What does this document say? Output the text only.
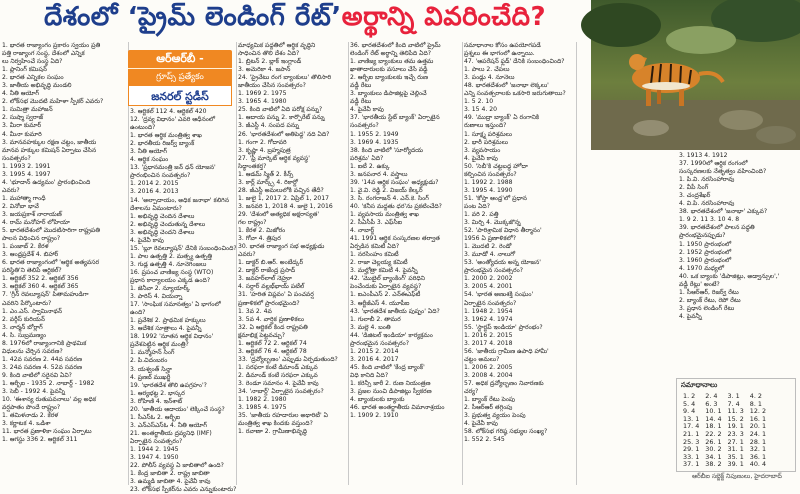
దేశంలో ‘ప్రైమ్ లెండింగ్ రేట్’ అర్థాన్ని వివరించేది?
1. భారత రాజ్యాంగం ప్రకారం స్వయం ప్రతి
పత్తి రాజ్యాంగ సంస్థ, దేశంలో ఎన్నిక
లు నిర్వహించే సంస్థ ఏది?
1. ప్లానింగ్ కమిషన్
2. భారత ఎన్నికల సంఘం
3. జాతీయ అభివృద్ధి మండలి
4. నీతి ఆయోగ్
2. లోక్‌సభ మొదటి మహిళా స్పీకర్ ఎవరు?
1. సుమిత్రా మహాజన్
2. సుష్మా స్వరాజ్
3. మీరా కుమార్
4. మీనా కుమారి
3. మానవహక్కుల రక్షణ చట్టం, జాతీయ
మానవ హక్కుల కమిషన్ ఏర్పాటు చేసిన
సంవత్సరం?
1. 1993 2. 1991
3. 1995 4. 1997
4. 'భూదాన్ ఉద్యమం' ప్రారంభించింది
ఎవరు?
1. మహాత్మా గాంధీ
2. వినోబా భావే
3. జయప్రకాశ్ నారాయణ్
4. రామ్ మనోహర్ లోహియా
5. భారతదేశంలో మొదటిసారిగా రాష్ట్రపతి
పాలన విధించిన రాష్ట్రం?
1. పంజాబ్ 2. కేరళ
3. ఆంధ్రప్రదేశ్ 4. బిహార్
6. భారత రాజ్యాంగంలో 'ఆర్థిక అత్యవసర
పరిస్థితి'ని తెలిపే ఆర్టికల్?
1. ఆర్టికల్ 352 2. ఆర్టికల్ 356
3. ఆర్టికల్ 360 4. ఆర్టికల్ 365
7. 'గ్రీన్ రెవల్యూషన్' పితామహుడిగా
ఎవరిని పేర్కొంటారు?
1. ఎం.ఎస్. స్వామినాథన్
2. వర్గీస్ కురియన్
3. నార్మన్ బోర్లాగ్
4. సి. సుబ్రమణ్యం
8. 1976లో రాజ్యాంగానికి ప్రాథమిక
విధులను చేర్చిన సవరణ?
1. 42వ సవరణ 2. 44వ సవరణ
3. 24వ సవరణ 4. 52వ సవరణ
9. కింది వాటిలో సరైనవి ఏవి?
1. ఆర్బీఐ - 1935 2. నాబార్డ్ - 1982
3. సెబీ - 1992 4. పైవన్నీ
10. 'ఈశాన్య రుతుపవనాలు' వల్ల అధిక
వర్షపాతం పొందే రాష్ట్రం?
1. తమిళనాడు 2. కేరళ
3. కర్ణాటక 4. ఒడిశా
11. భారత ప్రణాళికా సంఘం ఏర్పాటు
1. ఆగస్టు 336 2. ఆర్టికల్ 311
3. ఆర్టికల్ 112 4. ఆర్టికల్ 420
12. 'ద్రవ్య విధానం' ఎవరి ఆధీనంలో
ఉంటుంది?
1. భారత ఆర్థిక మంత్రిత్వ శాఖ
2. భారతీయ రిజర్వ్ బ్యాంక్
3. నీతి ఆయోగ్
4. ఆర్థిక సంఘం
13. 'ప్రధానమంత్రి జన్ ధన్ యోజన'
ప్రారంభించిన సంవత్సరం?
1. 2014 2. 2015
3. 2016 4. 2013
14. 'అల్పాదాయం, అధిక జనాభా' కలిగిన
దేశాలను ఏమంటారు?
1. అభివృద్ధి చెందిన దేశాలు
2. అభివృద్ధి చెందుతున్న దేశాలు
3. అభివృద్ధి చెందని దేశాలు
4. పైవేవీ కావు
15. 'బ్లూ రెవల్యూషన్' దేనికి సంబంధించింది?
1. పాల ఉత్పత్తి 2. మత్స్య ఉత్పత్తి
3. గుడ్ల ఉత్పత్తి 4. నూనెగింజలు
16. ప్రపంచ వాణిజ్య సంస్థ (WTO)
ప్రధాన కార్యాలయం ఎక్కడ ఉంది?
1. జెనీవా 2. న్యూయార్క్
3. పారిస్ 4. వియన్నా
17. 'సాంఘిక సమానత్వం' ఏ భాగంలో
ఉంది?
1. ప్రవేశిక 2. ప్రాథమిక హక్కులు
3. ఆదేశిక సూత్రాలు 4. పైవన్నీ
18. 1992 'నూతన ఆర్థిక విధానం'
ప్రవేశపెట్టిన ఆర్థిక మంత్రి?
1. మన్మోహన్ సింగ్
2. పి.చిదంబరం
3. యశ్వంత్ సిన్హా
4. ప్రణబ్ ముఖర్జీ
19. 'భారతదేశ తొలి ఉపగ్రహం'?
1. ఆర్యభట్ట 2. భాస్కర
3. రోహిణి 4. ఇన్‌శాట్
20. 'జాతీయ ఆదాయం' లెక్కించే సంస్థ?
1. సీఎస్ఓ 2. ఆర్బీఐ
3. ఎన్ఎస్ఎస్ఓ 4. నీతి ఆయోగ్
21. అంతర్జాతీయ ద్రవ్యనిధి (IMF)
ఏర్పాటైన సంవత్సరం?
1. 1944 2. 1945
3. 1947 4. 1950
22. పోలీస్ వ్యవస్థ ఏ జాబితాలో ఉంది?
1. కేంద్ర జాబితా 2. రాష్ట్ర జాబితా
3. ఉమ్మడి జాబితా 4. పైవేవీ కావు
23. లోక్‌సభ స్పీకర్‌ను ఎవరు ఎన్నుకుంటారు?
మాధ్యమిక పద్దతిలో ఆర్థిక వృద్ధిని
సాధించిన తొలి దేశం ఏది?
1. బ్రిటన్ 2. బ్లాక్ ఇంగ్లాండ్
3. అమెరికా 4. జపాన్
24. 'ప్రైవేటు రంగ బ్యాంకులు' తొలిసారి
జాతీయం చేసిన సంవత్సరం?
1. 1969 2. 1975
3. 1965 4. 1980
25. కింది వాటిలో ఏది పరోక్ష పన్ను?
1. ఆదాయ పన్ను 2. కార్పొరేట్ పన్ను
3. జీఎస్టీ 4. సంపద పన్ను
26. 'భారతదేశంలో అతిపెద్ద' నది ఏది?
1. గంగా 2. గోదావరి
3. కృష్ణా 4. బ్రహ్మపుత్ర
27. 'ఫ్రీ మార్కెట్ ఆర్థిక వ్యవస్థ'
సిద్ధాంతకర్త?
1. ఆడమ్ స్మిత్ 2. కీన్స్
3. కార్ల్ మార్క్స్ 4. రికార్డో
28. జీఎస్టీ అమలులోకి వచ్చిన తేదీ?
1. జులై 1, 2017 2. ఏప్రిల్ 1, 2017
3. జనవరి 1, 2018 4. జులై 1, 2016
29. 'దేశంలో అత్యధిక అక్షరాస్యత'
గల రాష్ట్రం?
1. కేరళ 2. మిజోరం
3. గోవా 4. త్రిపుర
30. భారత రాజ్యాంగ సభ అధ్యక్షుడు
ఎవరు?
1. డాక్టర్ బి.ఆర్. అంబేద్కర్
2. డాక్టర్ రాజేంద్ర ప్రసాద్
3. జవహర్‌లాల్ నెహ్రూ
4. సర్దార్ వల్లభ్‌భాయ్ పటేల్
31. 'హరిత విప్లవం' ఏ పంచవర్ష
ప్రణాళికలో ప్రారంభమైంది?
1. 3వ 2. 4వ
3. 5వ 4. వార్షిక ప్రణాళికలు
32. ఏ ఆర్టికల్ కింద రాష్ట్రపతి
క్షమాభిక్ష పెట్టవచ్చు?
1. ఆర్టికల్ 72 2. ఆర్టికల్ 74
3. ఆర్టికల్ 76 4. ఆర్టికల్ 78
33. 'ద్రవ్యోల్బణం' ఎప్పుడు ఏర్పడుతుంది?
1. సరఫరా కంటే డిమాండ్ ఎక్కువ
2. డిమాండ్ కంటే సరఫరా ఎక్కువ
3. రెండూ సమానం 4. పైవేవీ కావు
34. 'నాబార్డ్' ఏర్పాటైన సంవత్సరం?
1. 1982 2. 1980
3. 1985 4. 1975
35. 'జాతీయ రహదారుల అథారిటీ' ఏ
మంత్రిత్వ శాఖ కిందకు వస్తుంది?
1. రవాణా 2. గ్రామీణాభివృద్ధి
36. భారతదేశంలో కింది వాటిలో ప్రైమ్
లెండింగ్ రేట్ అర్థాన్ని తెలిపేది ఏది?
1. వాణిజ్య బ్యాంకులు తమ ఉత్తమ
ఖాతాదారులకు వసూలు చేసే వడ్డీ
2. ఆర్బీఐ బ్యాంకులకు ఇచ్చే రుణ
వడ్డీ రేటు
3. బ్యాంకులు డిపాజిట్లపై చెల్లించే
వడ్డీ రేటు
4. పైవేవీ కావు
37. 'భారతీయ స్టేట్ బ్యాంక్' ఏర్పాటైన
సంవత్సరం?
1. 1955 2. 1949
3. 1969 4. 1935
38. కింది వాటిలో 'సూర్యోదయ
పరిశ్రమ' ఏది?
1. ఐటీ 2. ఉక్కు
3. జనపనార 4. వస్త్రాలు
39. '14వ ఆర్థిక సంఘం' అధ్యక్షుడు?
1. వై.వి. రెడ్డి 2. విజయ్ కేల్కర్
3. సి. రంగరాజన్ 4. ఎన్.కె. సింగ్
40. 'కనీస మద్దతు ధర'ను ప్రకటించేది?
1. వ్యవసాయ మంత్రిత్వ శాఖ
2. సీఏసీపీ 3. ఎఫ్‌సీఐ
4. నాబార్డ్
41. 1991 ఆర్థిక సంస్కరణల తర్వాత
ఏర్పడిన కమిటీ ఏది?
1. నరసింహం కమిటీ
2. రాజా చెల్లయ్య కమిటీ
3. మల్హోత్రా కమిటీ 4. పైవన్నీ
42. 'మొబైల్ బ్యాంకింగ్' పరిధిని
పెంచేందుకు ఏర్పాటైన వ్యవస్థ?
1. ఐఎంపీఎస్ 2. ఎన్‌ఈఎఫ్‌టీ
3. ఆర్టీజీఎస్ 4. యూపీఐ
43. 'భారతదేశ జాతీయ పుష్పం' ఏది?
1. గులాబీ 2. తామర
3. మల్లె 4. బంతి
44. 'డిజిటల్ ఇండియా' కార్యక్రమం
ప్రారంభమైన సంవత్సరం?
1. 2015 2. 2014
3. 2016 4. 2017
45. కింది వాటిలో 'కేంద్ర బ్యాంక్'
విధి కానిది ఏది?
1. కరెన్సీ జారీ 2. రుణ నియంత్రణ
3. ప్రజల నుంచి డిపాజిట్లు స్వీకరణ
4. బ్యాంకులకు బ్యాంకు
46. భారత అంతర్జాతీయ విమానాశ్రయం
1. 1909 2. 1910
సమాధానాల కోసం ఉపయోగపడే
ప్రశ్నలు ఈ భాగంలో ఉన్నాయి.
47. 'ఆపరేషన్ ఫ్లడ్' దేనికి సంబంధించింది?
1. పాలు 2. చేపలు
3. పండ్లు 4. నూనెలు
48. భారతదేశంలో 'జనాభా లెక్కలు'
ఎన్ని సంవత్సరాలకు ఒకసారి జరుగుతాయి?
1. 5 2. 10
3. 15 4. 20
49. 'ముద్రా బ్యాంక్' ఏ రంగానికి
రుణాలు ఇస్తుంది?
1. సూక్ష్మ పరిశ్రమలు
2. భారీ పరిశ్రమలు
3. వ్యవసాయం
4. పైవేవీ కావు
50. 'సెబీ'కి చట్టబద్ధ హోదా
కల్పించిన సంవత్సరం?
1. 1992 2. 1988
3. 1995 4. 1990
51. 'కోస్తా ఆంధ్ర'లో ప్రధాన
పంట ఏది?
1. వరి 2. పత్తి
3. మిర్చి 4. మొక్కజొన్న
52. 'పారిశ్రామిక విధాన తీర్మానం'
1956 ఏ ప్రణాళికలో?
1. మొదటి 2. రెండో
3. మూడో 4. నాలుగో
53. 'అంత్యోదయ అన్న యోజన'
ప్రారంభమైన సంవత్సరం?
1. 2000 2. 2002
3. 2005 4. 2001
54. 'భారత అణుశక్తి సంఘం'
ఏర్పాటైన సంవత్సరం?
1. 1948 2. 1954
3. 1962 4. 1974
55. 'స్టార్టప్ ఇండియా' ప్రారంభం?
1. 2016 2. 2015
3. 2017 4. 2018
56. 'జాతీయ గ్రామీణ ఉపాధి హామీ'
చట్టం అమలు?
1. 2006 2. 2005
3. 2008 4. 2004
57. అధిక ద్రవ్యోల్బణం నివారణకు
చర్య?
1. బ్యాంక్ రేటు పెంపు
2. సీఆర్ఆర్ తగ్గింపు
3. ప్రభుత్వ వ్యయం పెంపు
4. పైవేవీ కావు
58. లోక్‌సభ గరిష్ఠ సభ్యుల సంఖ్య?
1. 552 2. 545
3. 1913 4. 1912
37. 1990లో ఆర్థిక రంగంలో
సంస్కరణలకు నేతృత్వం వహించింది?
1. పి.వి. నరసింహారావు
2. వీపీ సింగ్
3. చంద్రశేఖర్
4. వి.పి. నరసింహారావు
38. భారతదేశంలో 'జనాభా' ఎక్కువ?
1. 9 2. 11 3. 10 4. 8
39. భారతదేశంలో పాలన పద్ధతి
ప్రారంభమైనప్పుడు?
1. 1950 ప్రారంభంలో
2. 1952 ప్రారంభంలో
3. 1960 ప్రారంభంలో
4. 1970 మధ్యలో
40. ఒక బ్యాంకు 'డిపాజిట్లు, అడ్వాన్సుల','
వడ్డీ రేట్లు' అంటే?
1. సీఆర్ఆర్, రిజర్వ్ రేటు
2. బ్యాంక్ రేటు, రెపో రేటు
3. ప్రధాన లెండింగ్ రేటు
4. పైవన్నీ
ఆర్ఆర్‌బీ -
గ్రూప్స్ ప్రత్యేకం
జనరల్ స్టడీస్
సమాధానాలు
1. 2	2. 4	3. 1	4. 2
5. 4	6. 3	7. 4	8. 1
9. 4	10. 1	11. 3	12. 2
13. 1	14. 4	15. 2	16. 1
17. 4	18. 1	19. 1	20. 1
21. 1	22. 2	23. 3	24. 1
25. 3	26. 1	27. 1	28. 1
29. 1	30. 2	31. 1	32. 1
33. 1	34. 1	35. 1	36. 1
37. 1	38. 2	39. 1	40. 4
ఆర్‌బీఐ సబ్జెక్ట్ నిపుణులు, హైదరాబాద్
